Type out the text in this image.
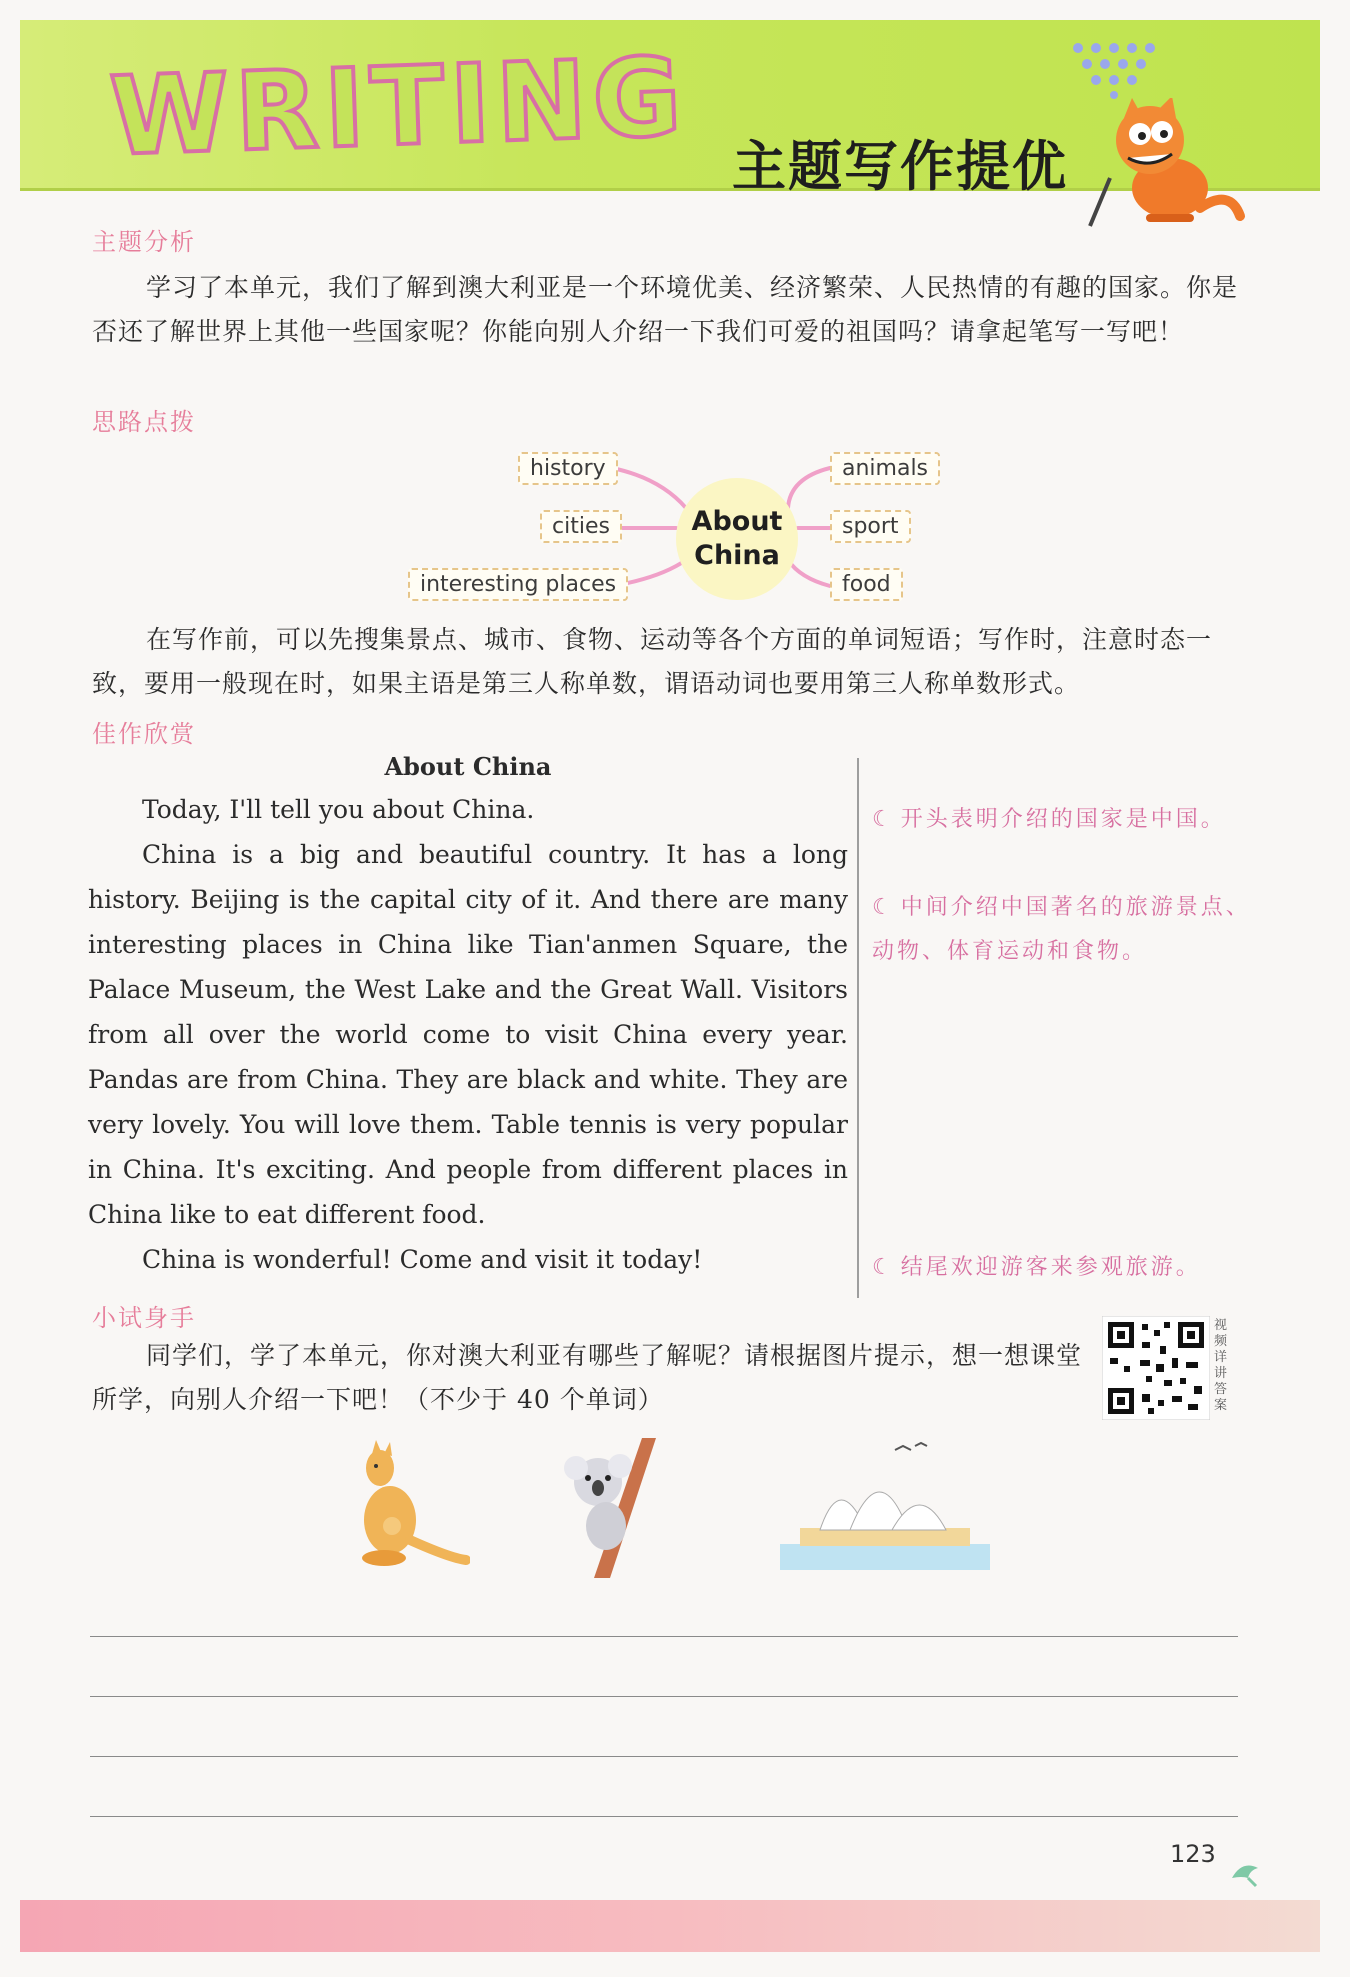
WRITING 主题写作提优
主题分析

学习了本单元，我们了解到澳大利亚是一个环境优美、经济繁荣、人民热情的有趣的国家。你是否还了解世界上其他一些国家呢？你能向别人介绍一下我们可爱的祖国吗？请拿起笔写一写吧！

思路点拨
history
cities
interesting places
About
China
animals
sport
food

在写作前，可以先搜集景点、城市、食物、运动等各个方面的单词短语；写作时，注意时态一致，要用一般现在时，如果主语是第三人称单数，谓语动词也要用第三人称单数形式。

佳作欣赏
About China

Today, I'll tell you about China.

China is a big and beautiful country. It has a long history. Beijing is the capital city of it. And there are many interesting places in China like Tian'anmen Square, the Palace Museum, the West Lake and the Great Wall. Visitors from all over the world come to visit China every year. Pandas are from China. They are black and white. They are very lovely. You will love them. Table tennis is very popular in China. It's exciting. And people from different places in China like to eat different food.

China is wonderful! Come and visit it today!

☾ 开头表明介绍的国家是中国。
☾ 中间介绍中国著名的旅游景点、动物、体育运动和食物。
☾ 结尾欢迎游客来参观旅游。
小试身手

同学们，学了本单元，你对澳大利亚有哪些了解呢？请根据图片提示，想一想课堂所学，向别人介绍一下吧！（不少于 40 个单词）

视频详讲答案
123
